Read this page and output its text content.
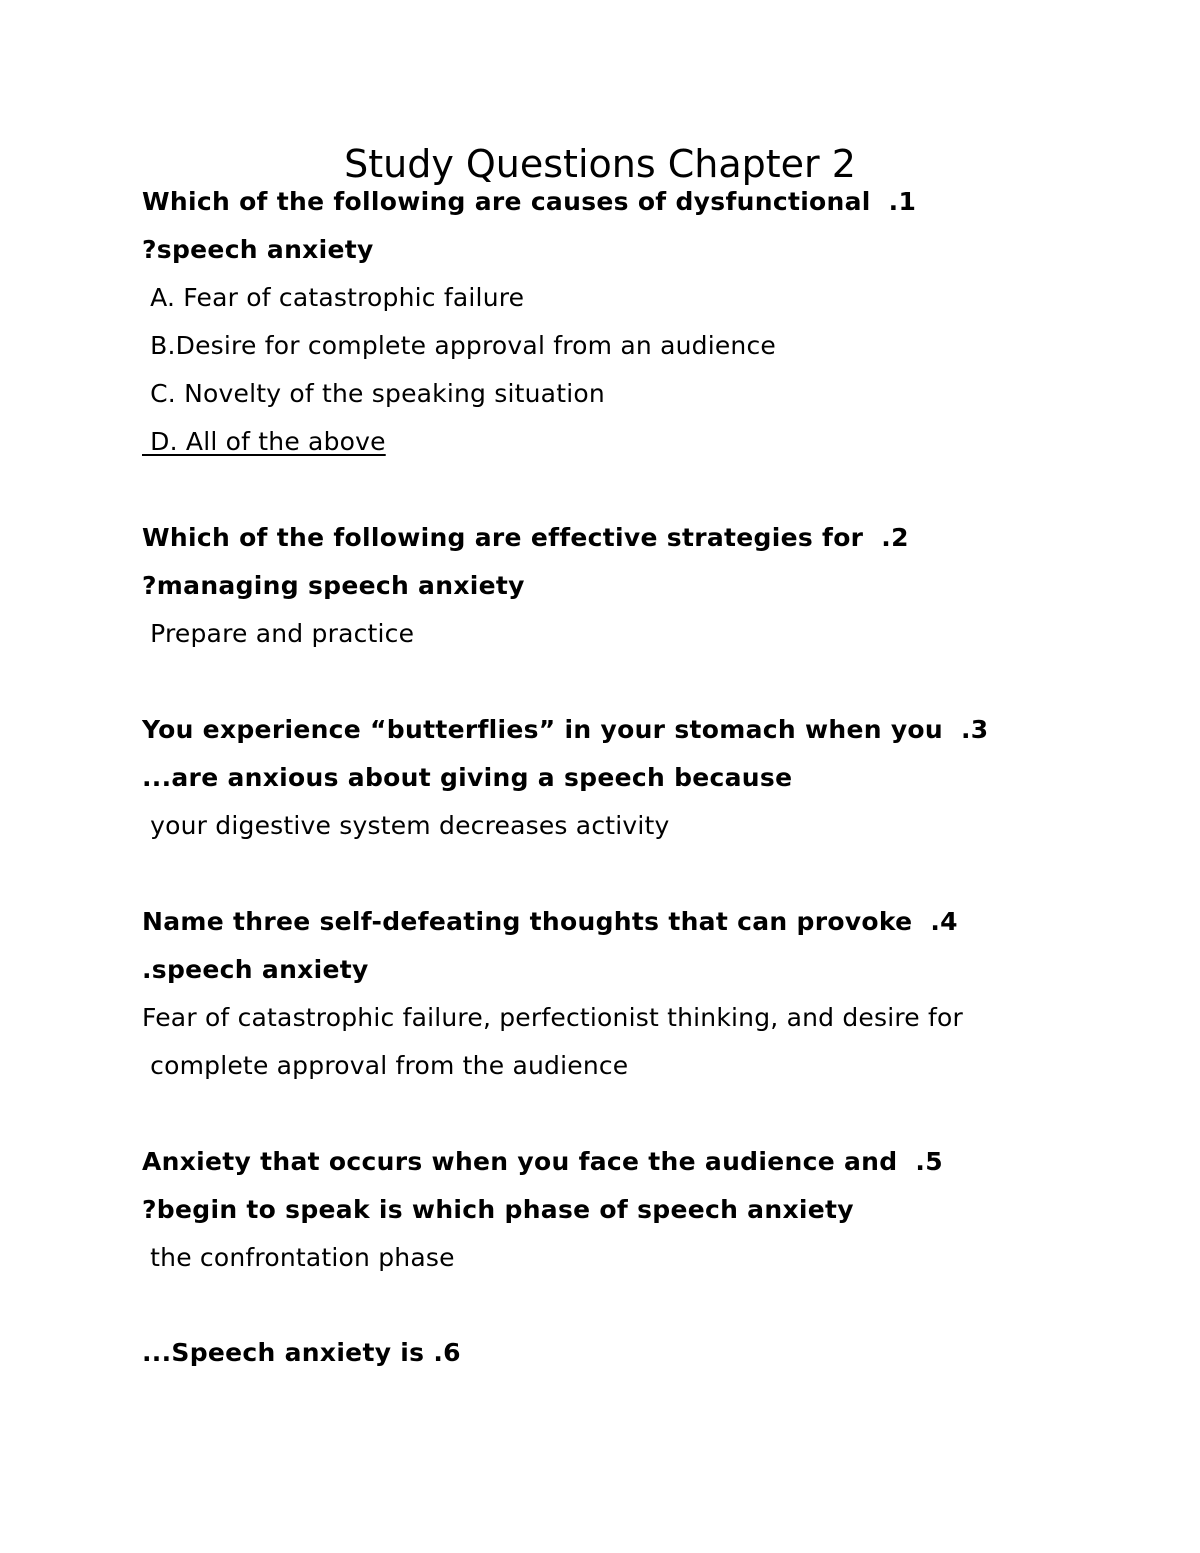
Study Questions Chapter 2
Which of the following are causes of dysfunctional  .1
?speech anxiety
A. Fear of catastrophic failure
B.Desire for complete approval from an audience
C. Novelty of the speaking situation
D. All of the above
Which of the following are effective strategies for  .2
?managing speech anxiety
Prepare and practice
You experience “butterflies” in your stomach when you  .3
...are anxious about giving a speech because
your digestive system decreases activity
Name three self-defeating thoughts that can provoke  .4
.speech anxiety
Fear of catastrophic failure, perfectionist thinking, and desire for
complete approval from the audience
Anxiety that occurs when you face the audience and  .5
?begin to speak is which phase of speech anxiety
the confrontation phase
...Speech anxiety is .6
